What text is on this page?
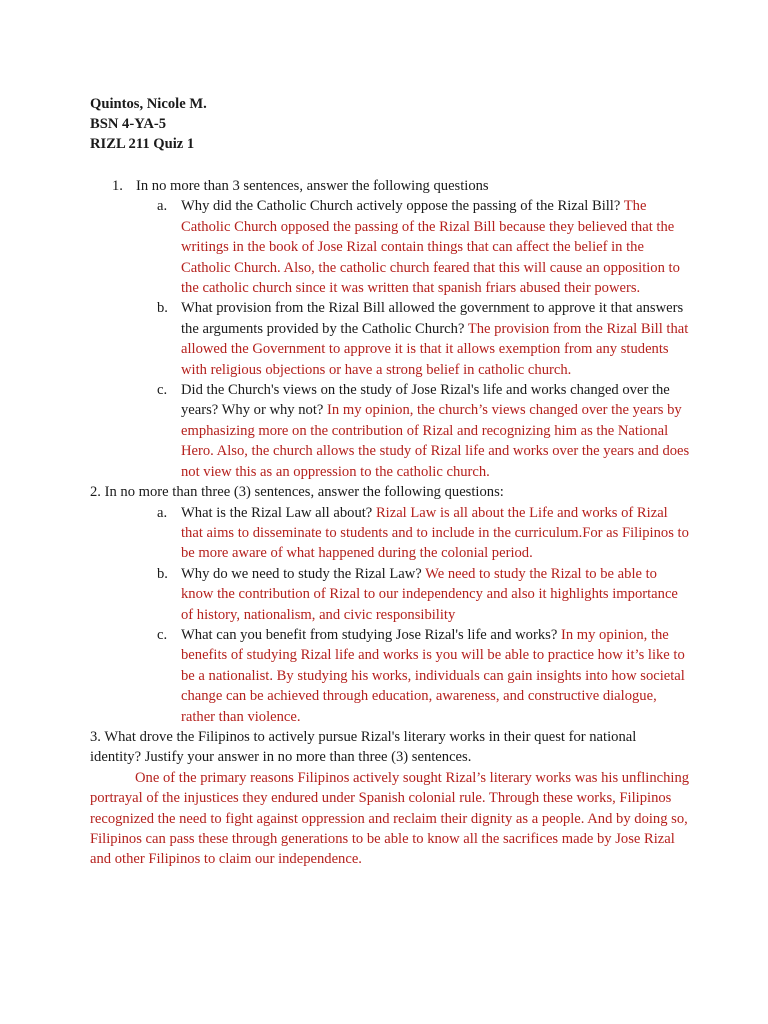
Quintos, Nicole M.
BSN 4-YA-5
RIZL 211 Quiz 1
1. In no more than 3 sentences, answer the following questions
a. Why did the Catholic Church actively oppose the passing of the Rizal Bill? The Catholic Church opposed the passing of the Rizal Bill because they believed that the writings in the book of Jose Rizal contain things that can affect the belief in the Catholic Church. Also, the catholic church feared that this will cause an opposition to the catholic church since it was written that spanish friars abused their powers.
b. What provision from the Rizal Bill allowed the government to approve it that answers the arguments provided by the Catholic Church? The provision from the Rizal Bill that allowed the Government to approve it is that it allows exemption from any students with religious objections or have a strong belief in catholic church.
c. Did the Church's views on the study of Jose Rizal's life and works changed over the years? Why or why not? In my opinion, the church’s views changed over the years by emphasizing more on the contribution of Rizal and recognizing him as the National Hero. Also, the church allows the study of Rizal life and works over the years and does not view this as an oppression to the catholic church.
2. In no more than three (3) sentences, answer the following questions:
a. What is the Rizal Law all about? Rizal Law is all about the Life and works of Rizal that aims to disseminate to students and to include in the curriculum.For as Filipinos to be more aware of what happened during the colonial period.
b. Why do we need to study the Rizal Law? We need to study the Rizal to be able to know the contribution of Rizal to our independency and also it highlights importance of history, nationalism, and civic responsibility
c. What can you benefit from studying Jose Rizal's life and works? In my opinion, the benefits of studying Rizal life and works is you will be able to practice how it’s like to be a nationalist. By studying his works, individuals can gain insights into how societal change can be achieved through education, awareness, and constructive dialogue, rather than violence.
3. What drove the Filipinos to actively pursue Rizal's literary works in their quest for national identity? Justify your answer in no more than three (3) sentences.
One of the primary reasons Filipinos actively sought Rizal’s literary works was his unflinching portrayal of the injustices they endured under Spanish colonial rule. Through these works, Filipinos recognized the need to fight against oppression and reclaim their dignity as a people. And by doing so, Filipinos can pass these through generations to be able to know all the sacrifices made by Jose Rizal and other Filipinos to claim our independence.
